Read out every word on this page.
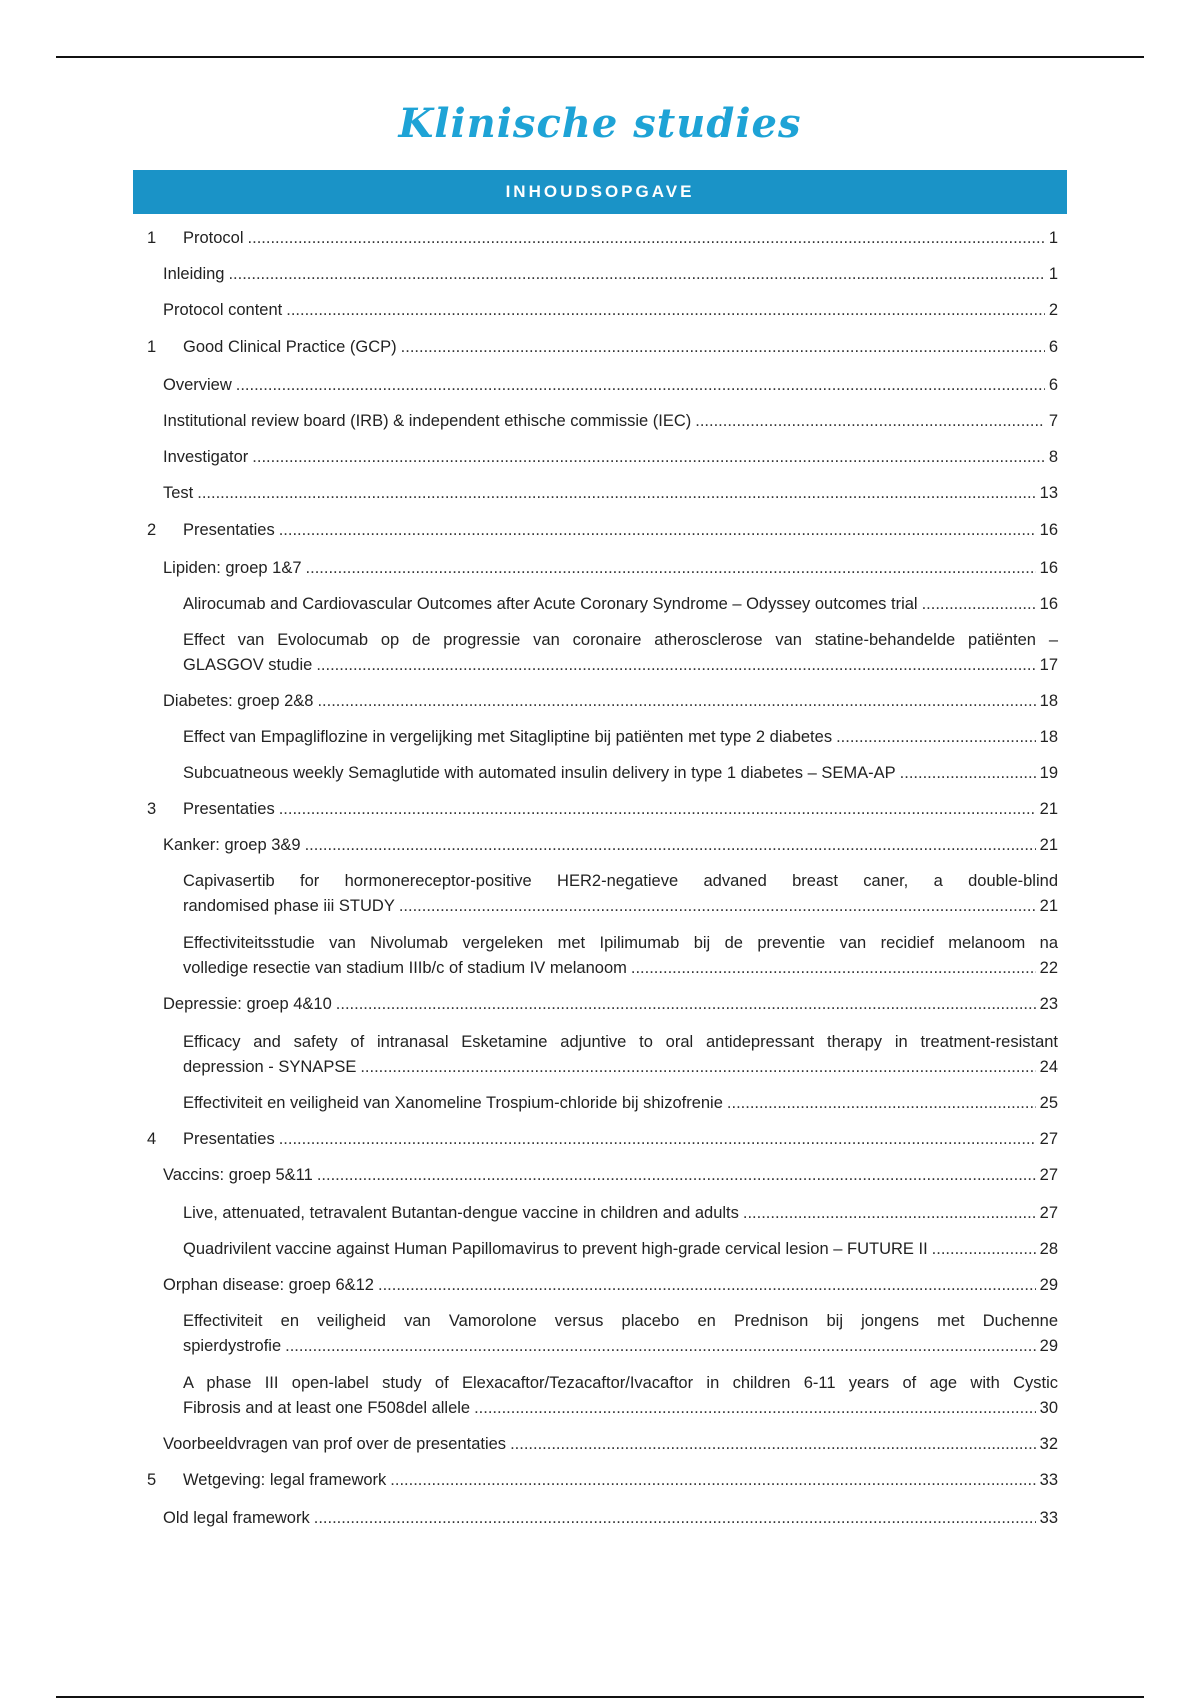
Klinische studies
INHOUDSOPGAVE
1	Protocol .....	1
Inleiding .....	1
Protocol content .....	2
1	Good Clinical Practice (GCP) .....	6
Overview .....	6
Institutional review board (IRB) & independent ethische commissie (IEC) .....	7
Investigator .....	8
Test .....	13
2	Presentaties .....	16
Lipiden: groep 1&7 .....	16
Alirocumab and Cardiovascular Outcomes after Acute Coronary Syndrome – Odyssey outcomes trial .....	16
Effect van Evolocumab op de progressie van coronaire atherosclerose van statine-behandelde patiënten –
GLASGOV studie .....	17
Diabetes: groep 2&8 .....	18
Effect van Empagliflozine in vergelijking met Sitagliptine bij patiënten met type 2 diabetes .....	18
Subcuatneous weekly Semaglutide with automated insulin delivery in type 1 diabetes – SEMA-AP .....	19
3	Presentaties .....	21
Kanker: groep 3&9 .....	21
Capivasertib for hormonereceptor-positive HER2-negatieve advaned breast caner, a double-blind
randomised phase iii STUDY .....	21
Effectiviteitsstudie van Nivolumab vergeleken met Ipilimumab bij de preventie van recidief melanoom na
volledige resectie van stadium IIIb/c of stadium IV melanoom .....	22
Depressie: groep 4&10 .....	23
Efficacy and safety of intranasal Esketamine adjuntive to oral antidepressant therapy in treatment-resistant
depression - SYNAPSE .....	24
Effectiviteit en veiligheid van Xanomeline Trospium-chloride bij shizofrenie .....	25
4	Presentaties .....	27
Vaccins: groep 5&11 .....	27
Live, attenuated, tetravalent Butantan-dengue vaccine in children and adults .....	27
Quadrivilent vaccine against Human Papillomavirus to prevent high-grade cervical lesion – FUTURE II .....	28
Orphan disease: groep 6&12 .....	29
Effectiviteit en veiligheid van Vamorolone versus placebo en Prednison bij jongens met Duchenne
spierdystrofie .....	29
A phase III open-label study of Elexacaftor/Tezacaftor/Ivacaftor in children 6-11 years of age with Cystic
Fibrosis and at least one F508del allele .....	30
Voorbeeldvragen van prof over de presentaties .....	32
5	Wetgeving: legal framework .....	33
Old legal framework .....	33
